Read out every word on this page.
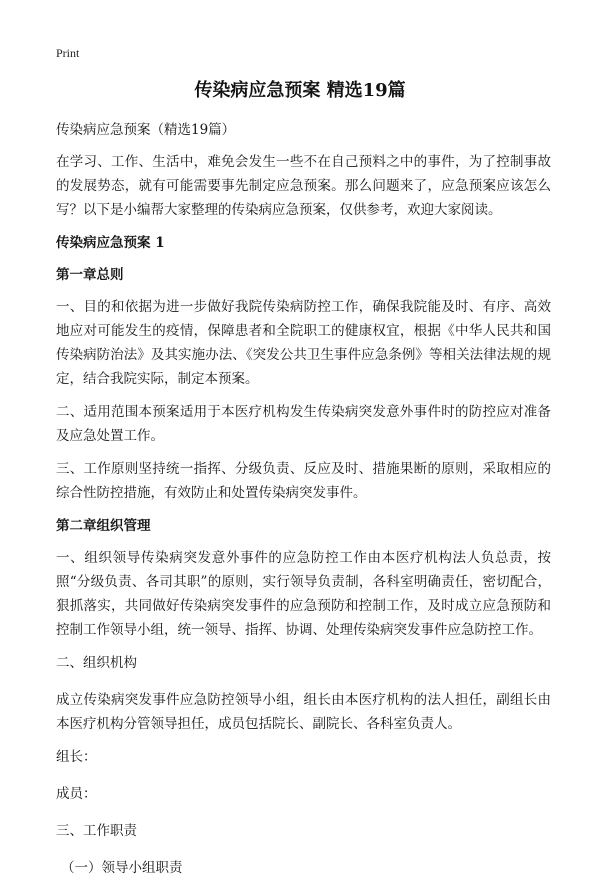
Print
传染病应急预案 精选19篇

传染病应急预案（精选19篇）

在学习、工作、生活中，难免会发生一些不在自己预料之中的事件，为了控制事故的发展势态，就有可能需要事先制定应急预案。那么问题来了，应急预案应该怎么写？以下是小编帮大家整理的传染病应急预案，仅供参考，欢迎大家阅读。

传染病应急预案 1

第一章总则

一、目的和依据为进一步做好我院传染病防控工作，确保我院能及时、有序、高效地应对可能发生的疫情，保障患者和全院职工的健康权宜，根据《中华人民共和国传染病防治法》及其实施办法、《突发公共卫生事件应急条例》等相关法律法规的规定，结合我院实际，制定本预案。

二、适用范围本预案适用于本医疗机构发生传染病突发意外事件时的防控应对准备及应急处置工作。

三、工作原则坚持统一指挥、分级负责、反应及时、措施果断的原则，采取相应的综合性防控措施，有效防止和处置传染病突发事件。

第二章组织管理

一、组织领导传染病突发意外事件的应急防控工作由本医疗机构法人负总责，按照“分级负责、各司其职”的原则，实行领导负责制，各科室明确责任，密切配合，狠抓落实，共同做好传染病突发事件的应急预防和控制工作，及时成立应急预防和控制工作领导小组，统一领导、指挥、协调、处理传染病突发事件应急防控工作。

二、组织机构

成立传染病突发事件应急防控领导小组，组长由本医疗机构的法人担任，副组长由本医疗机构分管领导担任，成员包括院长、副院长、各科室负责人。

组长：

成员：

三、工作职责

（一）领导小组职责
